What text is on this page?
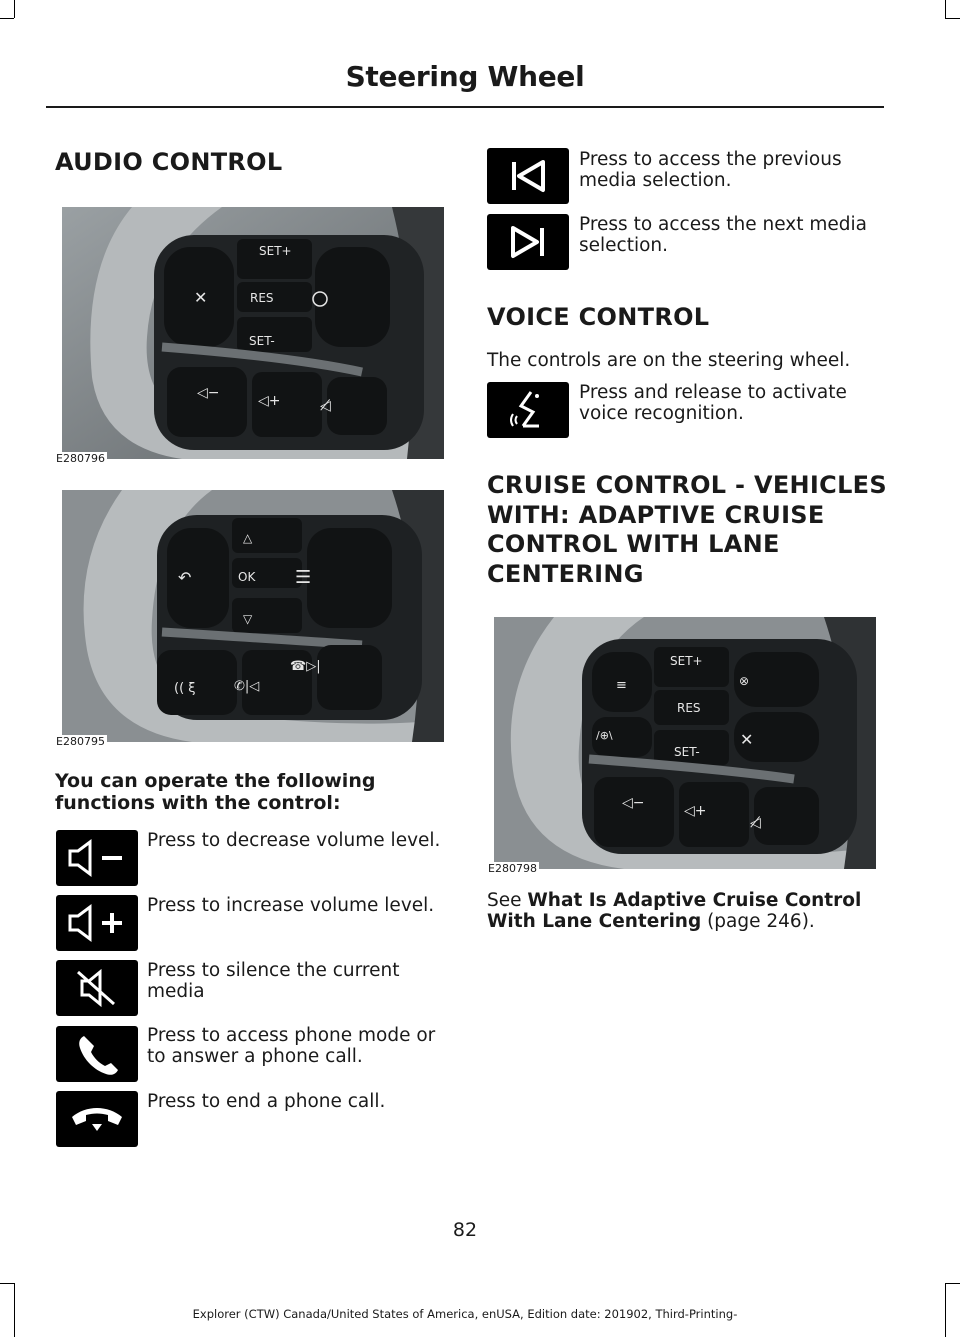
Steering Wheel
AUDIO CONTROL
SET+
RES
SET-
✕
◁−	◁+	◁̸
E280796
△
OK
▽
↶	☰
(( ξ	✆|◁
☎▷|
E280795
You can operate the following functions with the control:

Press to decrease volume level.

Press to increase volume level.

Press to silence the current media

Press to access phone mode or to answer a phone call.

Press to end a phone call.

Press to access the previous media selection.

Press to access the next media selection.

VOICE CONTROL

The controls are on the steering wheel.

Press and release to activate voice recognition.

CRUISE CONTROL - VEHICLES WITH: ADAPTIVE CRUISE CONTROL WITH LANE CENTERING
SET+
RES
SET-
≡
/⊕\
⊗
✕
◁−	◁+
◁̸
E280798

See What Is Adaptive Cruise Control With Lane Centering (page 246).

82
Explorer (CTW) Canada/United States of America, enUSA, Edition date: 201902, Third-Printing-
